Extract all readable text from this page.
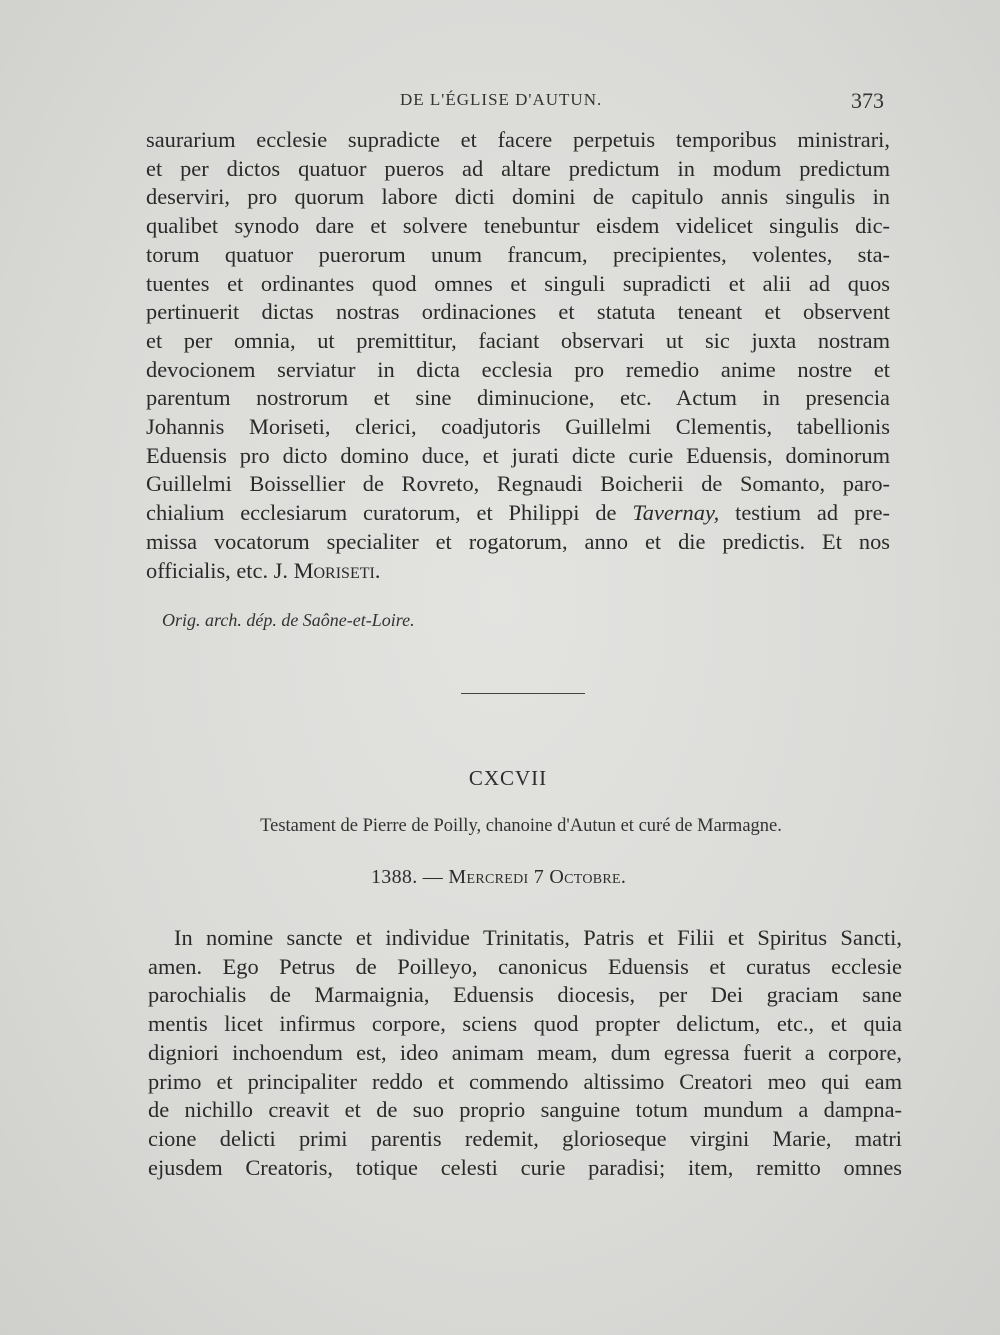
DE L'ÉGLISE D'AUTUN.	373
saurarium ecclesie supradicte et facere perpetuis temporibus ministrari,
et per dictos quatuor pueros ad altare predictum in modum predictum
deserviri, pro quorum labore dicti domini de capitulo annis singulis in
qualibet synodo dare et solvere tenebuntur eisdem videlicet singulis dic-
torum quatuor puerorum unum francum, precipientes, volentes, sta-
tuentes et ordinantes quod omnes et singuli supradicti et alii ad quos
pertinuerit dictas nostras ordinaciones et statuta teneant et observent
et per omnia, ut premittitur, faciant observari ut sic juxta nostram
devocionem serviatur in dicta ecclesia pro remedio anime nostre et
parentum nostrorum et sine diminucione, etc. Actum in presencia
Johannis Moriseti, clerici, coadjutoris Guillelmi Clementis, tabellionis
Eduensis pro dicto domino duce, et jurati dicte curie Eduensis, dominorum
Guillelmi Boissellier de Rovreto, Regnaudi Boicherii de Somanto, paro-
chialium ecclesiarum curatorum, et Philippi de Tavernay, testium ad pre-
missa vocatorum specialiter et rogatorum, anno et die predictis. Et nos
officialis, etc. J. Moriseti.
Orig. arch. dép. de Saône-et-Loire.
CXCVII
Testament de Pierre de Poilly, chanoine d'Autun et curé de Marmagne.
1388. — Mercredi 7 Octobre.
In nomine sancte et individue Trinitatis, Patris et Filii et Spiritus Sancti,
amen. Ego Petrus de Poilleyo, canonicus Eduensis et curatus ecclesie
parochialis de Marmaignia, Eduensis diocesis, per Dei graciam sane
mentis licet infirmus corpore, sciens quod propter delictum, etc., et quia
digniori inchoendum est, ideo animam meam, dum egressa fuerit a corpore,
primo et principaliter reddo et commendo altissimo Creatori meo qui eam
de nichillo creavit et de suo proprio sanguine totum mundum a dampna-
cione delicti primi parentis redemit, glorioseque virgini Marie, matri
ejusdem Creatoris, totique celesti curie paradisi; item, remitto omnes
